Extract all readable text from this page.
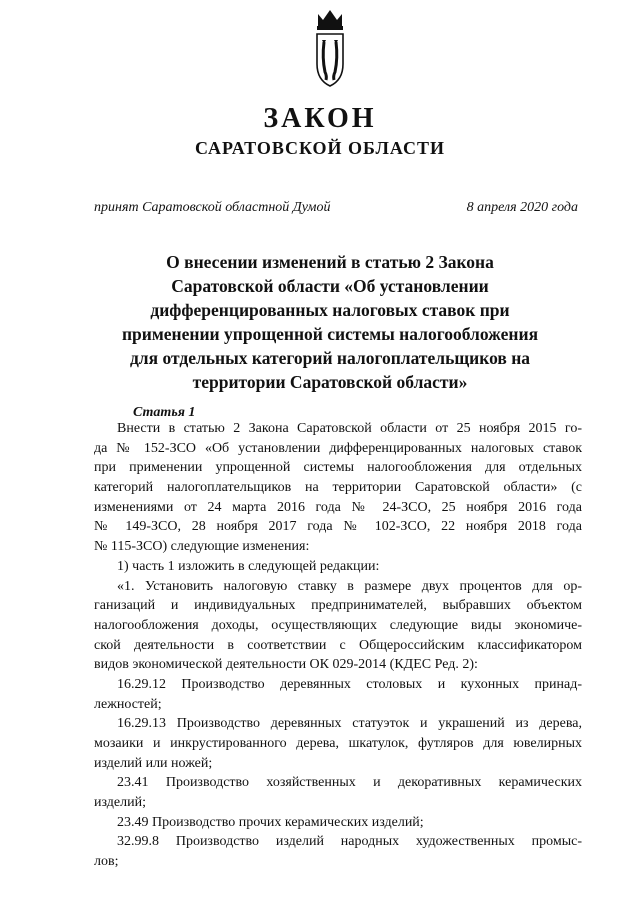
ЗАКОН
САРАТОВСКОЙ ОБЛАСТИ
принят Саратовской областной Думой	8 апреля 2020 года
О внесении изменений в статью 2 Закона
Саратовской области «Об установлении
дифференцированных налоговых ставок при
применении упрощенной системы налогообложения
для отдельных категорий налогоплательщиков на
территории Саратовской области»
Статья 1
Внести в статью 2 Закона Саратовской области от 25 ноября 2015 го-
да № 152-ЗСО «Об установлении дифференцированных налоговых ставок
при применении упрощенной системы налогообложения для отдельных
категорий налогоплательщиков на территории Саратовской области» (с
изменениями от 24 марта 2016 года № 24-ЗСО, 25 ноября 2016 года
№ 149-ЗСО, 28 ноября 2017 года № 102-ЗСО, 22 ноября 2018 года
№ 115-ЗСО) следующие изменения:
1) часть 1 изложить в следующей редакции:
«1. Установить налоговую ставку в размере двух процентов для ор-
ганизаций и индивидуальных предпринимателей, выбравших объектом
налогообложения доходы, осуществляющих следующие виды экономиче-
ской деятельности в соответствии с Общероссийским классификатором
видов экономической деятельности ОК 029-2014 (КДЕС Ред. 2):
16.29.12 Производство деревянных столовых и кухонных принад-
лежностей;
16.29.13 Производство деревянных статуэток и украшений из дерева,
мозаики и инкрустированного дерева, шкатулок, футляров для ювелирных
изделий или ножей;
23.41 Производство хозяйственных и декоративных керамических
изделий;
23.49 Производство прочих керамических изделий;
32.99.8 Производство изделий народных художественных промыс-
лов;
